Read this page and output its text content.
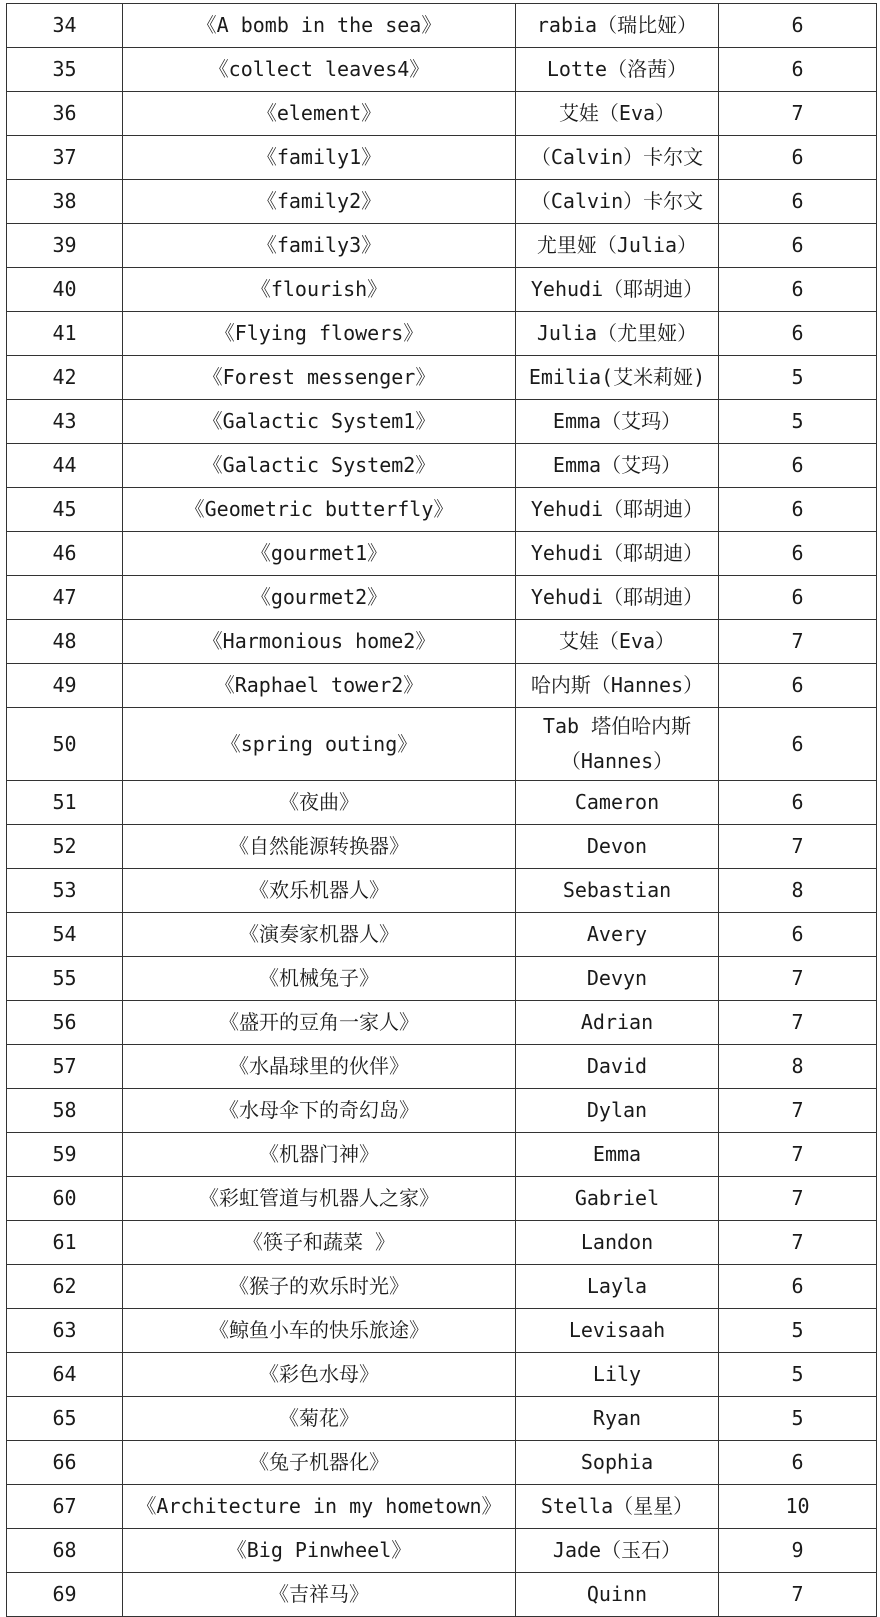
34	《A bomb in the sea》	rabia（瑞比娅）	6
35	《collect leaves4》	Lotte（洛茜）	6
36	《element》	艾娃（Eva）	7
37	《family1》	（Calvin）卡尔文	6
38	《family2》	（Calvin）卡尔文	6
39	《family3》	尤里娅（Julia）	6
40	《flourish》	Yehudi（耶胡迪）	6
41	《Flying flowers》	Julia（尤里娅）	6
42	《Forest messenger》	Emilia(艾米莉娅)	5
43	《Galactic System1》	Emma（艾玛）	5
44	《Galactic System2》	Emma（艾玛）	6
45	《Geometric butterfly》	Yehudi（耶胡迪）	6
46	《gourmet1》	Yehudi（耶胡迪）	6
47	《gourmet2》	Yehudi（耶胡迪）	6
48	《Harmonious home2》	艾娃（Eva）	7
49	《Raphael tower2》	哈内斯（Hannes）	6
50	《spring outing》	Tab 塔伯哈内斯（Hannes）	6
51	《夜曲》	Cameron	6
52	《自然能源转换器》	Devon	7
53	《欢乐机器人》	Sebastian	8
54	《演奏家机器人》	Avery	6
55	《机械兔子》	Devyn	7
56	《盛开的豆角一家人》	Adrian	7
57	《水晶球里的伙伴》	David	8
58	《水母伞下的奇幻岛》	Dylan	7
59	《机器门神》	Emma	7
60	《彩虹管道与机器人之家》	Gabriel	7
61	《筷子和蔬菜 》	Landon	7
62	《猴子的欢乐时光》	Layla	6
63	《鲸鱼小车的快乐旅途》	Levisaah	5
64	《彩色水母》	Lily	5
65	《菊花》	Ryan	5
66	《兔子机器化》	Sophia	6
67	《Architecture in my hometown》	Stella（星星）	10
68	《Big Pinwheel》	Jade（玉石）	9
69	《吉祥马》	Quinn	7
